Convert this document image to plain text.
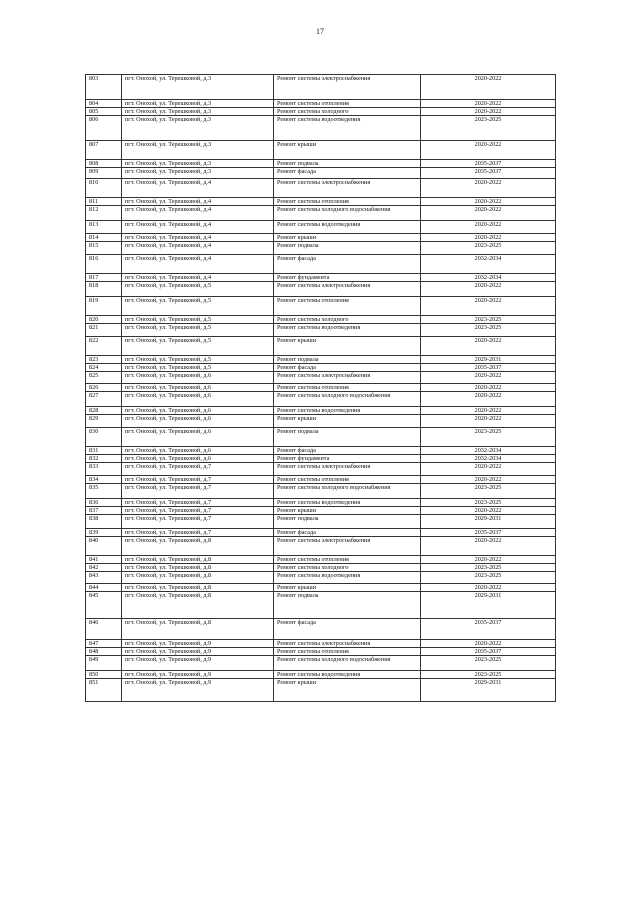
17
803	пгт. Онохой, ул. Терешковой, д.3	Ремонт системы электроснабжения	2020-2022
804	пгт. Онохой, ул. Терешковой, д.3	Ремонт системы отопления	2020-2022
805	пгт. Онохой, ул. Терешковой, д.3	Ремонт системы холодного	2020-2022
806	пгт. Онохой, ул. Терешковой, д.3	Ремонт системы водоотведения	2023-2025
807	пгт. Онохой, ул. Терешковой, д.3	Ремонт крыши	2020-2022
808	пгт. Онохой, ул. Терешковой, д.3	Ремонт подвала	2035-2037
809	пгт. Онохой, ул. Терешковой, д.3	Ремонт фасада	2035-2037
810	пгт. Онохой, ул. Терешковой, д.4	Ремонт системы электроснабжения	2020-2022
811	пгт. Онохой, ул. Терешковой, д.4	Ремонт системы отопления	2020-2022
812	пгт. Онохой, ул. Терешковой, д.4	Ремонт системы холодного водоснабжения	2020-2022
813	пгт. Онохой, ул. Терешковой, д.4	Ремонт системы водоотведения	2020-2022
814	пгт. Онохой, ул. Терешковой, д.4	Ремонт крыши	2020-2022
815	пгт. Онохой, ул. Терешковой, д.4	Ремонт подвала	2023-2025
816	пгт. Онохой, ул. Терешковой, д.4	Ремонт фасада	2032-2034
817	пгт. Онохой, ул. Терешковой, д.4	Ремонт фундамента	2032-2034
818	пгт. Онохой, ул. Терешковой, д.5	Ремонт системы электроснабжения	2020-2022
819	пгт. Онохой, ул. Терешковой, д.5	Ремонт системы отопления	2020-2022
820	пгт. Онохой, ул. Терешковой, д.5	Ремонт системы холодного	2023-2025
821	пгт. Онохой, ул. Терешковой, д.5	Ремонт системы водоотведения	2023-2025
822	пгт. Онохой, ул. Терешковой, д.5	Ремонт крыши	2020-2022
823	пгт. Онохой, ул. Терешковой, д.5	Ремонт подвала	2029-2031
824	пгт. Онохой, ул. Терешковой, д.5	Ремонт фасада	2035-2037
825	пгт. Онохой, ул. Терешковой, д.6	Ремонт системы электроснабжения	2020-2022
826	пгт. Онохой, ул. Терешковой, д.6	Ремонт системы отопления	2020-2022
827	пгт. Онохой, ул. Терешковой, д.6	Ремонт системы холодного водоснабжения	2020-2022
828	пгт. Онохой, ул. Терешковой, д.6	Ремонт системы водоотведения	2020-2022
829	пгт. Онохой, ул. Терешковой, д.6	Ремонт крыши	2020-2022
830	пгт. Онохой, ул. Терешковой, д.6	Ремонт подвала	2023-2025
831	пгт. Онохой, ул. Терешковой, д.6	Ремонт фасада	2032-2034
832	пгт. Онохой, ул. Терешковой, д.6	Ремонт фундамента	2032-2034
833	пгт. Онохой, ул. Терешковой, д.7	Ремонт системы электроснабжения	2020-2022
834	пгт. Онохой, ул. Терешковой, д.7	Ремонт системы отопления	2020-2022
835	пгт. Онохой, ул. Терешковой, д.7	Ремонт системы холодного водоснабжения	2023-2025
836	пгт. Онохой, ул. Терешковой, д.7	Ремонт системы водоотведения	2023-2025
837	пгт. Онохой, ул. Терешковой, д.7	Ремонт крыши	2020-2022
838	пгт. Онохой, ул. Терешковой, д.7	Ремонт подвала	2029-2031
839	пгт. Онохой, ул. Терешковой, д.7	Ремонт фасада	2035-2037
840	пгт. Онохой, ул. Терешковой, д.8	Ремонт системы электроснабжения	2020-2022
841	пгт. Онохой, ул. Терешковой, д.8	Ремонт системы отопления	2020-2022
842	пгт. Онохой, ул. Терешковой, д.8	Ремонт системы холодного	2023-2025
843	пгт. Онохой, ул. Терешковой, д.8	Ремонт системы водоотведения	2023-2025
844	пгт. Онохой, ул. Терешковой, д.8	Ремонт крыши	2020-2022
845	пгт. Онохой, ул. Терешковой, д.8	Ремонт подвала	2029-2031
846	пгт. Онохой, ул. Терешковой, д.8	Ремонт фасада	2035-2037
847	пгт. Онохой, ул. Терешковой, д.9	Ремонт системы электроснабжения	2020-2022
848	пгт. Онохой, ул. Терешковой, д.9	Ремонт системы отопления	2035-2037
849	пгт. Онохой, ул. Терешковой, д.9	Ремонт системы холодного водоснабжения	2023-2025
850	пгт. Онохой, ул. Терешковой, д.9	Ремонт системы водоотведения	2023-2025
851	пгт. Онохой, ул. Терешковой, д.9	Ремонт крыши	2029-2031
